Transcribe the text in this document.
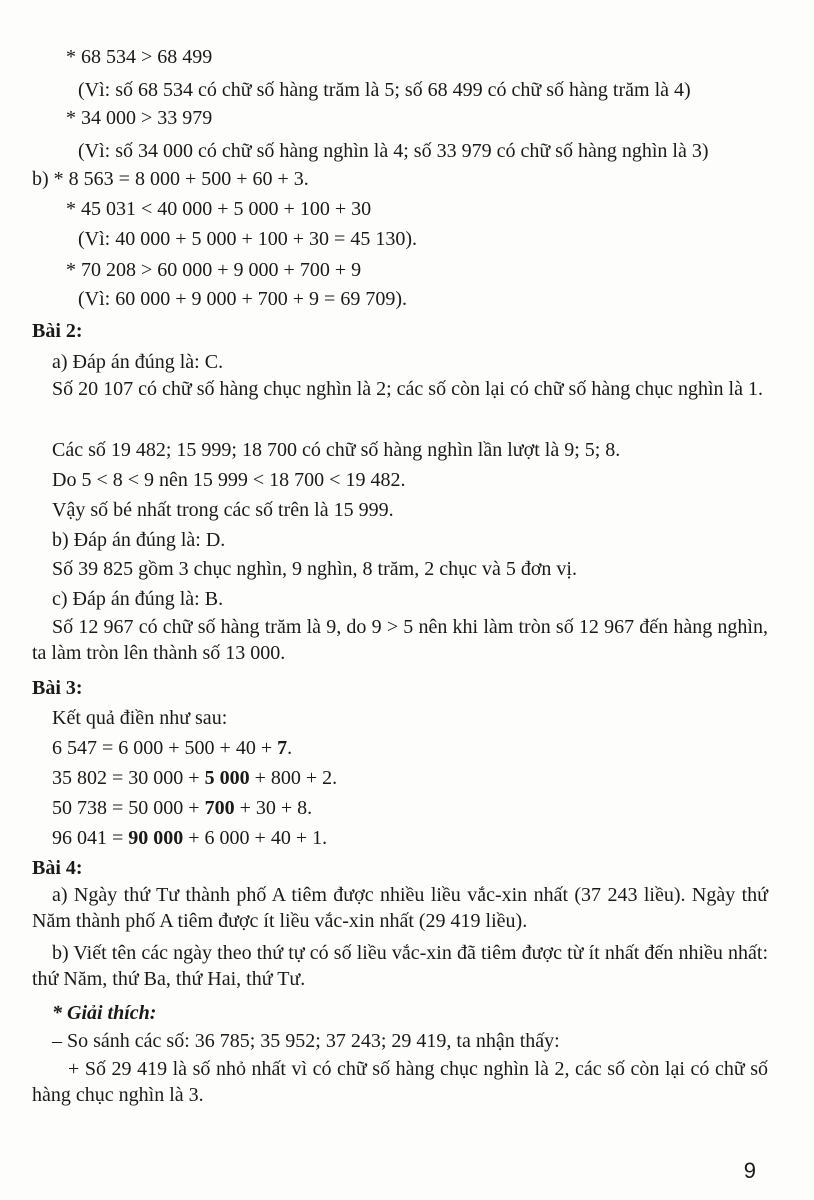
* 68 534 > 68 499
(Vì: số 68 534 có chữ số hàng trăm là 5; số 68 499 có chữ số hàng trăm là 4)
* 34 000 > 33 979
(Vì: số 34 000 có chữ số hàng nghìn là 4; số 33 979 có chữ số hàng nghìn là 3)
b) * 8 563 = 8 000 + 500 + 60 + 3.
* 45 031 < 40 000 + 5 000 + 100 + 30
(Vì: 40 000 + 5 000 + 100 + 30 = 45 130).
* 70 208 > 60 000 + 9 000 + 700 + 9
(Vì: 60 000 + 9 000 + 700 + 9 = 69 709).
Bài 2:
a) Đáp án đúng là: C.
Số 20 107 có chữ số hàng chục nghìn là 2; các số còn lại có chữ số hàng chục nghìn là 1.
Các số 19 482; 15 999; 18 700 có chữ số hàng nghìn lần lượt là 9; 5; 8.
Do 5 < 8 < 9 nên 15 999 < 18 700 < 19 482.
Vậy số bé nhất trong các số trên là 15 999.
b) Đáp án đúng là: D.
Số 39 825 gồm 3 chục nghìn, 9 nghìn, 8 trăm, 2 chục và 5 đơn vị.
c) Đáp án đúng là: B.
Số 12 967 có chữ số hàng trăm là 9, do 9 > 5 nên khi làm tròn số 12 967 đến hàng nghìn, ta làm tròn lên thành số 13 000.
Bài 3:
Kết quả điền như sau:
6 547 = 6 000 + 500 + 40 + 7.
35 802 = 30 000 + 5 000 + 800 + 2.
50 738 = 50 000 + 700 + 30 + 8.
96 041 = 90 000 + 6 000 + 40 + 1.
Bài 4:
a) Ngày thứ Tư thành phố A tiêm được nhiều liều vắc-xin nhất (37 243 liều). Ngày thứ Năm thành phố A tiêm được ít liều vắc-xin nhất (29 419 liều).
b) Viết tên các ngày theo thứ tự có số liều vắc-xin đã tiêm được từ ít nhất đến nhiều nhất: thứ Năm, thứ Ba, thứ Hai, thứ Tư.
* Giải thích:
– So sánh các số: 36 785; 35 952; 37 243; 29 419, ta nhận thấy:
+ Số 29 419 là số nhỏ nhất vì có chữ số hàng chục nghìn là 2, các số còn lại có chữ số hàng chục nghìn là 3.
9
